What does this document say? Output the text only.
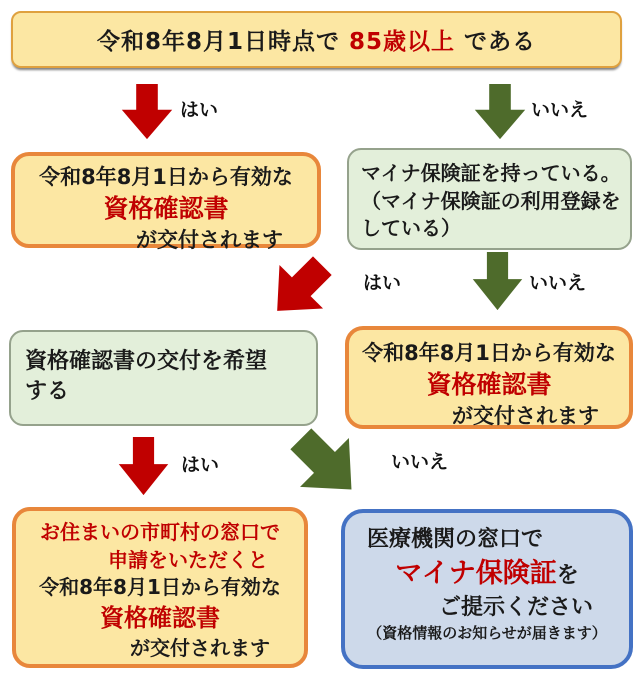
令和8年8月1日時点で 85歳以上 である
はい	いいえ
令和8年8月1日から有効な
資格確認書
が交付されます
マイナ保険証を持っている。
（マイナ保険証の利用登録を
している）
はい	いいえ
資格確認書の交付を希望
する
令和8年8月1日から有効な
資格確認書
が交付されます
はい	いいえ
お住まいの市町村の窓口で
申請をいただくと
令和8年8月1日から有効な
資格確認書
が交付されます
医療機関の窓口で
マイナ保険証を
ご提示ください
（資格情報のお知らせが届きます）
